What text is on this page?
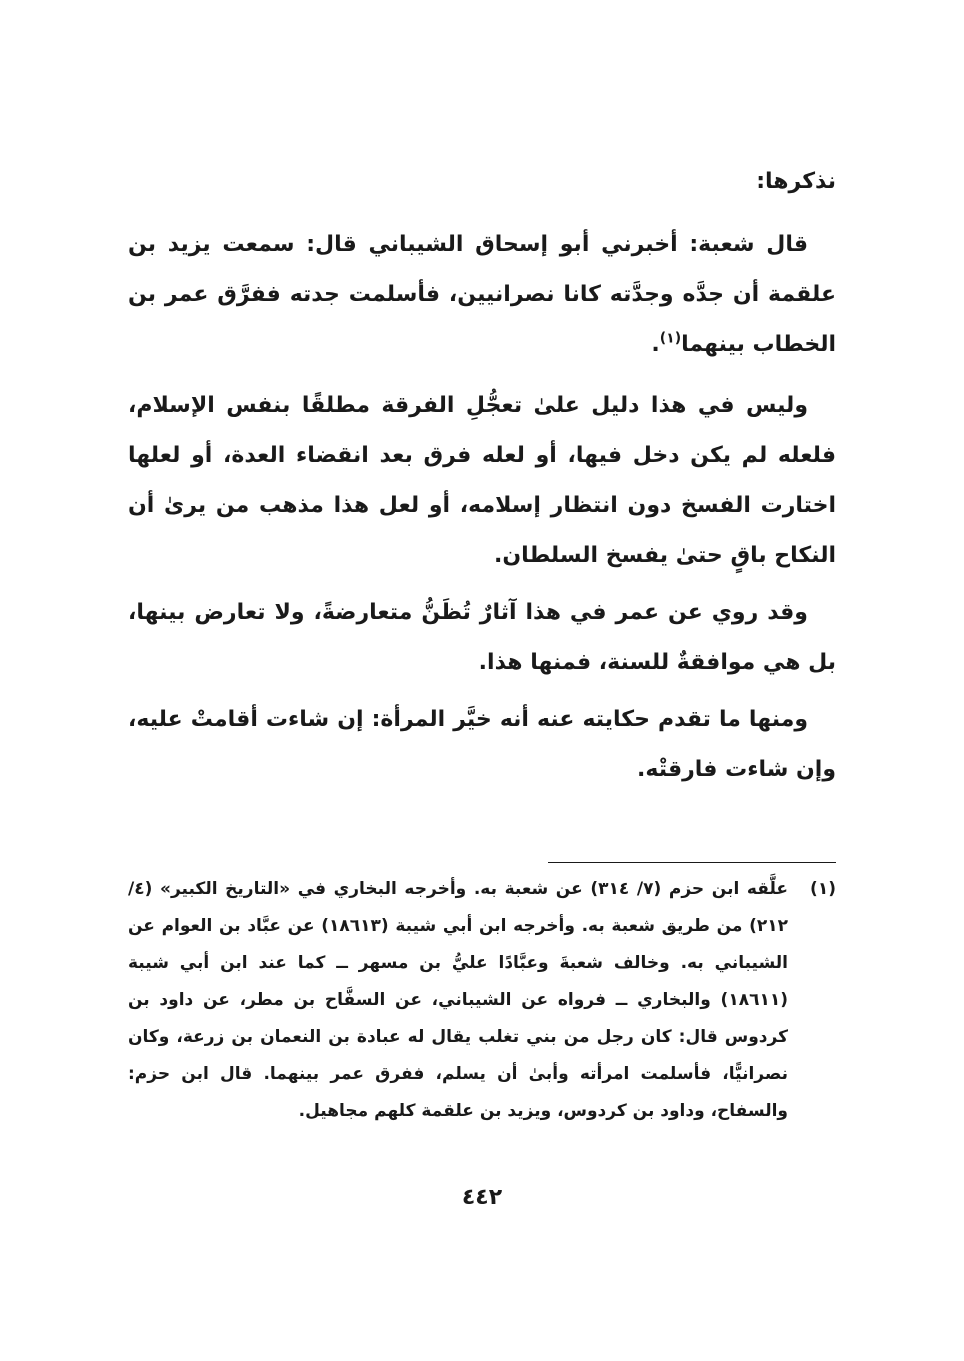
نذكرها:

قال شعبة: أخبرني أبو إسحاق الشيباني قال: سمعت يزيد بن علقمة أن جدَّه وجدَّته كانا نصرانيين، فأسلمت جدته ففرَّق عمر بن الخطاب بينهما$^{(١)}$.

وليس في هذا دليل علىٰ تعجُّلِ الفرقة مطلقًا بنفس الإسلام، فلعله لم يكن دخل فيها، أو لعله فرق بعد انقضاء العدة، أو لعلها اختارت الفسخ دون انتظار إسلامه، أو لعل هذا مذهب من يرىٰ أن النكاح باقٍ حتىٰ يفسخ السلطان.

وقد روي عن عمر في هذا آثارٌ تُظَنُّ متعارضةً، ولا تعارض بينها، بل هي موافقةٌ للسنة، فمنها هذا.

ومنها ما تقدم حكايته عنه أنه خيَّر المرأة: إن شاءت أقامتْ عليه، وإن شاءت فارقتْه.

(١)
علَّقه ابن حزم (٧/ ٣١٤) عن شعبة به. وأخرجه البخاري في «التاريخ الكبير» (٤/ ٢١٢) من طريق شعبة به. وأخرجه ابن أبي شيبة (١٨٦١٣) عن عبَّاد بن العوام عن الشيباني به. وخالف شعبةَ وعبَّادًا عليُّ بن مسهر ــ كما عند ابن أبي شيبة (١٨٦١١) والبخاري ــ فرواه عن الشيباني، عن السفَّاح بن مطر، عن داود بن كردوس قال: كان رجل من بني تغلب يقال له عبادة بن النعمان بن زرعة، وكان نصرانيًّا، فأسلمت امرأته وأبىٰ أن يسلم، ففرق عمر بينهما. قال ابن حزم: والسفاح، وداود بن كردوس، ويزيد بن علقمة كلهم مجاهيل.
٤٤٢
